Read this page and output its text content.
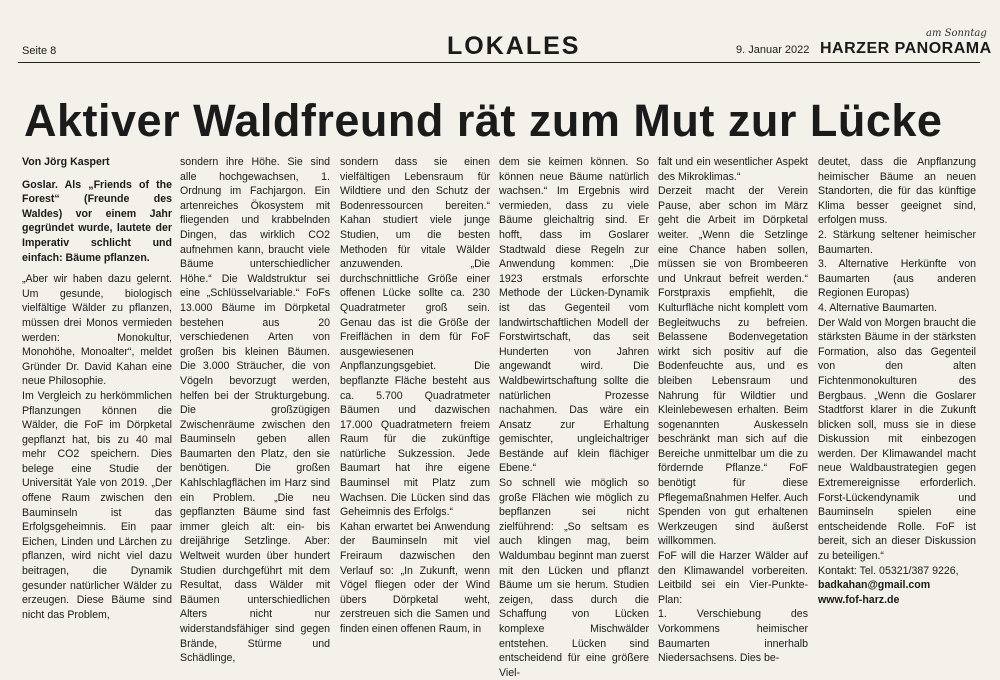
Seite 8	LOKALES	9. Januar 2022 HARZER PANORAMA
am Sonntag
Aktiver Waldfreund rät zum Mut zur Lücke
Von Jörg Kaspert
Goslar. Als „Friends of the Forest“ (Freunde des Waldes) vor einem Jahr gegründet wurde, lautete der Imperativ schlicht und einfach: Bäume pflanzen.
„Aber wir haben dazu gelernt. Um gesunde, biologisch vielfältige Wälder zu pflanzen, müssen drei Monos vermieden werden: Monokultur, Monohöhe, Monoalter“, meldet Gründer Dr. David Kahan eine neue Philosophie.
Im Vergleich zu herkömmlichen Pflanzungen können die Wälder, die FoF im Dörpketal gepflanzt hat, bis zu 40 mal mehr CO2 speichern. Dies belege eine Studie der Universität Yale von 2019. „Der offene Raum zwischen den Bauminseln ist das Erfolgsgeheimnis. Ein paar Eichen, Linden und Lärchen zu pflanzen, wird nicht viel dazu beitragen, die Dynamik gesunder natürlicher Wälder zu erzeugen. Diese Bäume sind nicht das Problem,
sondern ihre Höhe. Sie sind alle hochgewachsen, 1. Ordnung im Fachjargon. Ein artenreiches Ökosystem mit fliegenden und krabbelnden Dingen, das wirklich CO2 aufnehmen kann, braucht viele Bäume unterschiedlicher Höhe.“ Die Waldstruktur sei eine „Schlüsselvariable.“ FoFs 13.000 Bäume im Dörpketal bestehen aus 20 verschiedenen Arten von großen bis kleinen Bäumen. Die 3.000 Sträucher, die von Vögeln bevorzugt werden, helfen bei der Strukturgebung. Die großzügigen Zwischenräume zwischen den Bauminseln geben allen Baumarten den Platz, den sie benötigen. Die großen Kahlschlagflächen im Harz sind ein Problem. „Die neu gepflanzten Bäume sind fast immer gleich alt: ein- bis dreijährige Setzlinge. Aber: Weltweit wurden über hundert Studien durchgeführt mit dem Resultat, dass Wälder mit Bäumen unterschiedlichen Alters nicht nur widerstandsfähiger sind gegen Brände, Stürme und Schädlinge,
sondern dass sie einen vielfältigen Lebensraum für Wildtiere und den Schutz der Bodenressourcen bereiten.“ Kahan studiert viele junge Studien, um die besten Methoden für vitale Wälder anzuwenden. „Die durchschnittliche Größe einer offenen Lücke sollte ca. 230 Quadratmeter groß sein. Genau das ist die Größe der Freiflächen in dem für FoF ausgewiesenen Anpflanzungsgebiet. Die bepflanzte Fläche besteht aus ca. 5.700 Quadratmeter Bäumen und dazwischen 17.000 Quadratmetern freiem Raum für die zukünftige natürliche Sukzession. Jede Baumart hat ihre eigene Bauminsel mit Platz zum Wachsen. Die Lücken sind das Geheimnis des Erfolgs.“
Kahan erwartet bei Anwendung der Bauminseln mit viel Freiraum dazwischen den Verlauf so: „In Zukunft, wenn Vögel fliegen oder der Wind übers Dörpketal weht, zerstreuen sich die Samen und finden einen offenen Raum, in
dem sie keimen können. So können neue Bäume natürlich wachsen.“ Im Ergebnis wird vermieden, dass zu viele Bäume gleichaltrig sind. Er hofft, dass im Goslarer Stadtwald diese Regeln zur Anwendung kommen: „Die 1923 erstmals erforschte Methode der Lücken-Dynamik ist das Gegenteil vom landwirtschaftlichen Modell der Forstwirtschaft, das seit Hunderten von Jahren angewandt wird. Die Waldbewirtschaftung sollte die natürlichen Prozesse nachahmen. Das wäre ein Ansatz zur Erhaltung gemischter, ungleichaltriger Bestände auf klein flächiger Ebene.“
So schnell wie möglich so große Flächen wie möglich zu bepflanzen sei nicht zielführend: „So seltsam es auch klingen mag, beim Waldumbau beginnt man zuerst mit den Lücken und pflanzt Bäume um sie herum. Studien zeigen, dass durch die Schaffung von Lücken komplexe Mischwälder entstehen. Lücken sind entscheidend für eine größere Viel-
falt und ein wesentlicher Aspekt des Mikroklimas.“
Derzeit macht der Verein Pause, aber schon im März geht die Arbeit im Dörpketal weiter. „Wenn die Setzlinge eine Chance haben sollen, müssen sie von Brombeeren und Unkraut befreit werden.“ Forstpraxis empfiehlt, die Kulturfläche nicht komplett vom Begleitwuchs zu befreien. Belassene Bodenvegetation wirkt sich positiv auf die Bodenfeuchte aus, und es bleiben Lebensraum und Nahrung für Wildtier und Kleinlebewesen erhalten. Beim sogenannten Auskesseln beschränkt man sich auf die Bereiche unmittelbar um die zu fördernde Pflanze.“ FoF benötigt für diese Pflegemaßnahmen Helfer. Auch Spenden von gut erhaltenen Werkzeugen sind äußerst willkommen.
FoF will die Harzer Wälder auf den Klimawandel vorbereiten. Leitbild sei ein Vier-Punkte-Plan:
1. Verschiebung des Vorkommens heimischer Baumarten innerhalb Niedersachsens. Dies be-
deutet, dass die Anpflanzung heimischer Bäume an neuen Standorten, die für das künftige Klima besser geeignet sind, erfolgen muss.
2. Stärkung seltener heimischer Baumarten.
3. Alternative Herkünfte von Baumarten (aus anderen Regionen Europas)
4. Alternative Baumarten.
Der Wald von Morgen braucht die stärksten Bäume in der stärksten Formation, also das Gegenteil von den alten Fichtenmonokulturen des Bergbaus. „Wenn die Goslarer Stadtforst klarer in die Zukunft blicken soll, muss sie in diese Diskussion mit einbezogen werden. Der Klimawandel macht neue Waldbaustrategien gegen Extremereignisse erforderlich. Forst-Lückendynamik und Bauminseln spielen eine entscheidende Rolle. FoF ist bereit, sich an dieser Diskussion zu beteiligen.“

Kontakt: Tel. 05321/387 9226,
badkahan@gmail.com
www.fof-harz.de
